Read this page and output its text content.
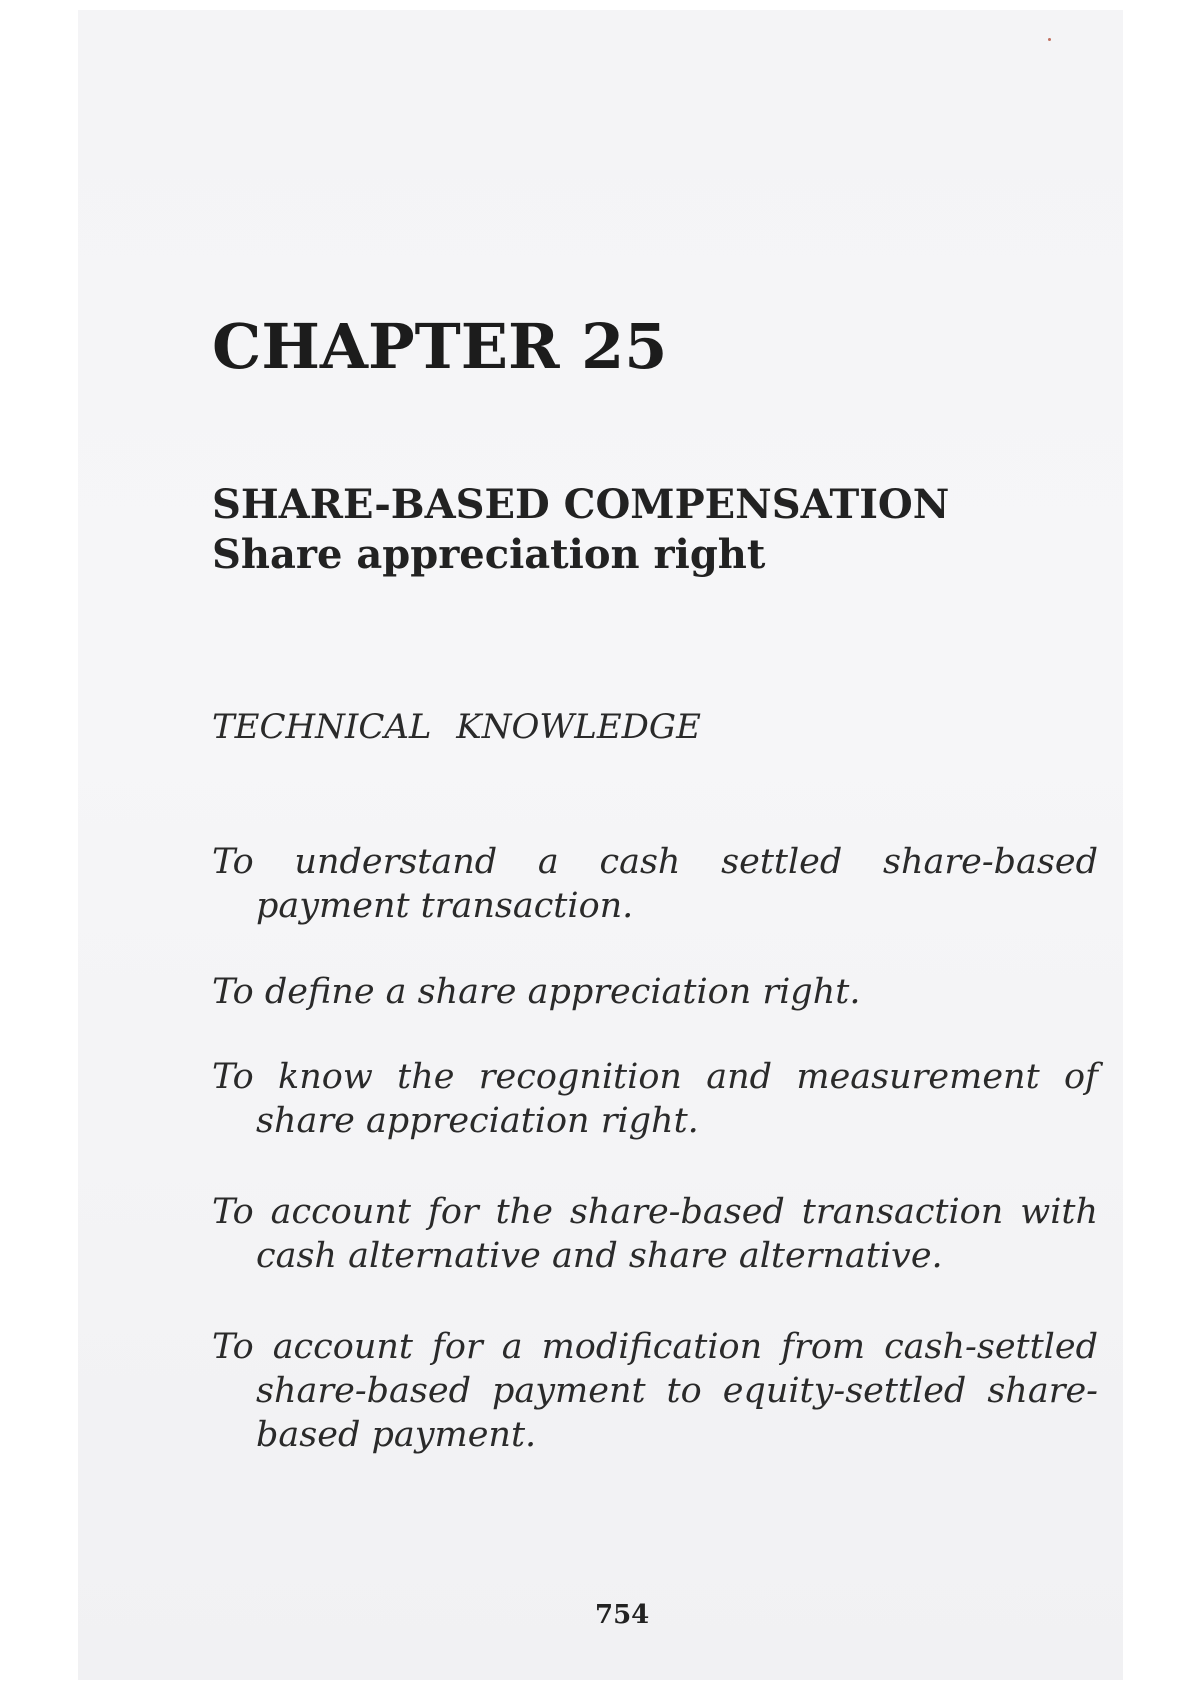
CHAPTER 25
SHARE-BASED COMPENSATION
Share appreciation right
TECHNICAL KNOWLEDGE
To understand a cash settled share-based payment transaction.
To define a share appreciation right.
To know the recognition and measurement of share appreciation right.
To account for the share-based transaction with cash alternative and share alternative.
To account for a modification from cash-settled share-based payment to equity-settled share-based payment.
754
